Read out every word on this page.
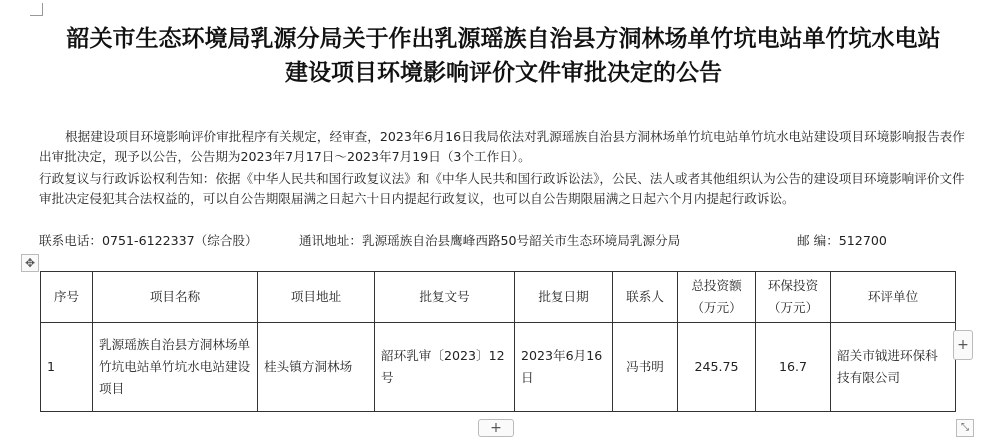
韶关市生态环境局乳源分局关于作出乳源瑶族自治县方洞林场单竹坑电站单竹坑水电站
建设项目环境影响评价文件审批决定的公告
根据建设项目环境影响评价审批程序有关规定，经审查，2023年6月16日我局依法对乳源瑶族自治县方洞林场单竹坑电站单竹坑水电站建设项目环境影响报告表作出审批决定，现予以公告，公告期为2023年7月17日～2023年7月19日（3个工作日）。
行政复议与行政诉讼权利告知：依据《中华人民共和国行政复议法》和《中华人民共和国行政诉讼法》，公民、法人或者其他组织认为公告的建设项目环境影响评价文件审批决定侵犯其合法权益的，可以自公告期限届满之日起六十日内提起行政复议，也可以自公告期限届满之日起六个月内提起行政诉讼。
联系电话：0751-6122337（综合股）	通讯地址：乳源瑶族自治县鹰峰西路50号韶关市生态环境局乳源分局	邮 编：512700
✥
序号	项目名称	项目地址	批复文号	批复日期	联系人	总投资额（万元）	环保投资（万元）	环评单位
1	乳源瑶族自治县方洞林场单竹坑电站单竹坑水电站建设项目	桂头镇方洞林场	韶环乳审〔2023〕12号	2023年6月16日	冯书明	245.75	16.7	韶关市钺进环保科技有限公司
+
+	⤡
